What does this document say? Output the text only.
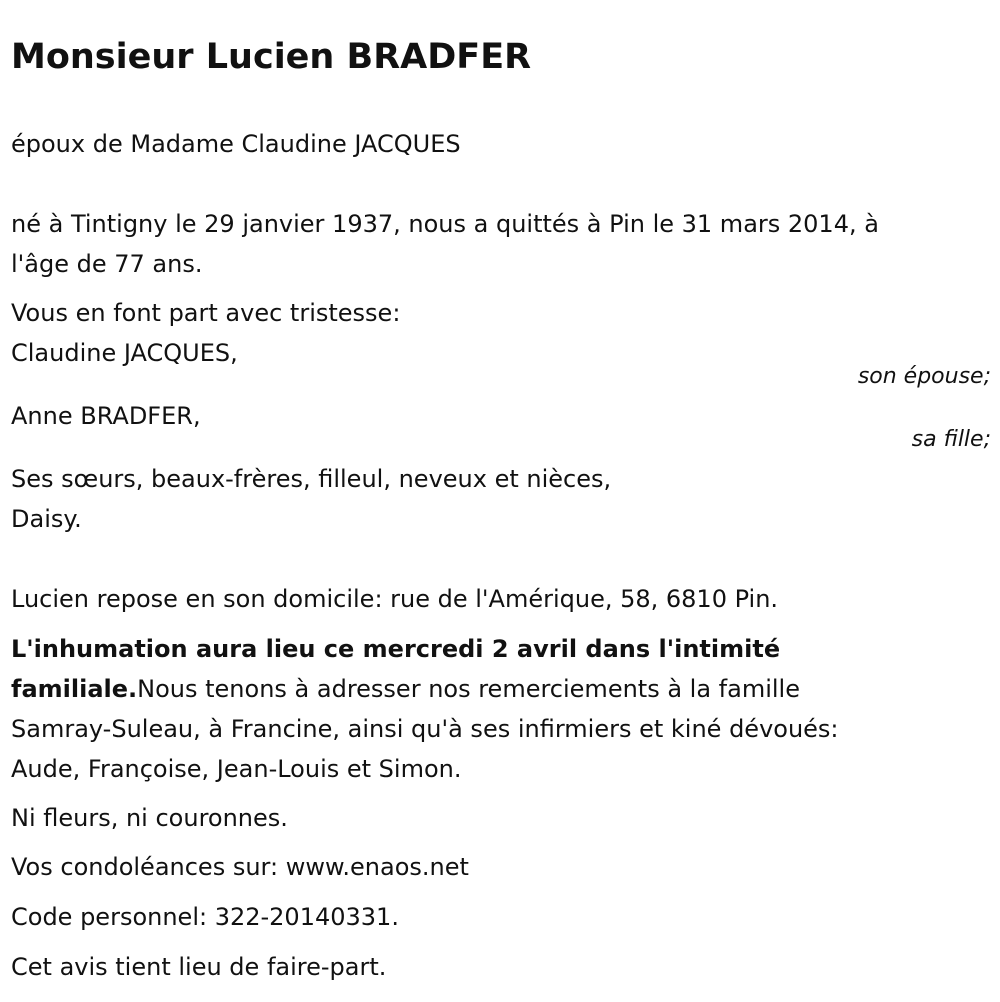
Monsieur Lucien BRADFER
époux de Madame Claudine JACQUES
né à Tintigny le 29 janvier 1937, nous a quittés à Pin le 31 mars 2014, à
l'âge de 77 ans.
Vous en font part avec tristesse:
Claudine JACQUES,
son épouse;
Anne BRADFER,
sa fille;
Ses sœurs, beaux-frères, filleul, neveux et nièces,
Daisy.
Lucien repose en son domicile: rue de l'Amérique, 58, 6810 Pin.
L'inhumation aura lieu ce mercredi 2 avril dans l'intimité
familiale.Nous tenons à adresser nos remerciements à la famille
Samray-Suleau, à Francine, ainsi qu'à ses infirmiers et kiné dévoués:
Aude, Françoise, Jean-Louis et Simon.
Ni fleurs, ni couronnes.
Vos condoléances sur: www.enaos.net
Code personnel: 322-20140331.
Cet avis tient lieu de faire-part.
